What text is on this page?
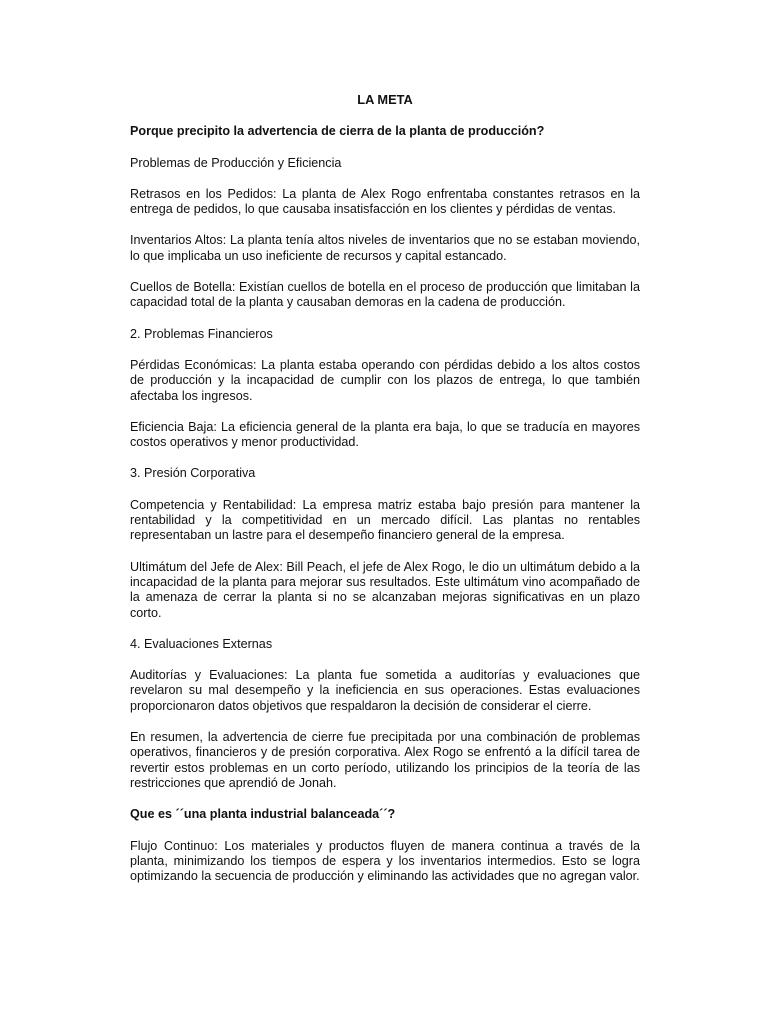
LA META
Porque precipito la advertencia de cierra de la planta de producción?
Problemas de Producción y Eficiencia
Retrasos en los Pedidos: La planta de Alex Rogo enfrentaba constantes retrasos en la entrega de pedidos, lo que causaba insatisfacción en los clientes y pérdidas de ventas.
Inventarios Altos: La planta tenía altos niveles de inventarios que no se estaban moviendo, lo que implicaba un uso ineficiente de recursos y capital estancado.
Cuellos de Botella: Existían cuellos de botella en el proceso de producción que limitaban la capacidad total de la planta y causaban demoras en la cadena de producción.
2. Problemas Financieros
Pérdidas Económicas: La planta estaba operando con pérdidas debido a los altos costos de producción y la incapacidad de cumplir con los plazos de entrega, lo que también afectaba los ingresos.
Eficiencia Baja: La eficiencia general de la planta era baja, lo que se traducía en mayores costos operativos y menor productividad.
3. Presión Corporativa
Competencia y Rentabilidad: La empresa matriz estaba bajo presión para mantener la rentabilidad y la competitividad en un mercado difícil. Las plantas no rentables representaban un lastre para el desempeño financiero general de la empresa.
Ultimátum del Jefe de Alex: Bill Peach, el jefe de Alex Rogo, le dio un ultimátum debido a la incapacidad de la planta para mejorar sus resultados. Este ultimátum vino acompañado de la amenaza de cerrar la planta si no se alcanzaban mejoras significativas en un plazo corto.
4. Evaluaciones Externas
Auditorías y Evaluaciones: La planta fue sometida a auditorías y evaluaciones que revelaron su mal desempeño y la ineficiencia en sus operaciones. Estas evaluaciones proporcionaron datos objetivos que respaldaron la decisión de considerar el cierre.
En resumen, la advertencia de cierre fue precipitada por una combinación de problemas operativos, financieros y de presión corporativa. Alex Rogo se enfrentó a la difícil tarea de revertir estos problemas en un corto período, utilizando los principios de la teoría de las restricciones que aprendió de Jonah.
Que es ´´una planta industrial balanceada´´?
Flujo Continuo: Los materiales y productos fluyen de manera continua a través de la planta, minimizando los tiempos de espera y los inventarios intermedios. Esto se logra optimizando la secuencia de producción y eliminando las actividades que no agregan valor.
